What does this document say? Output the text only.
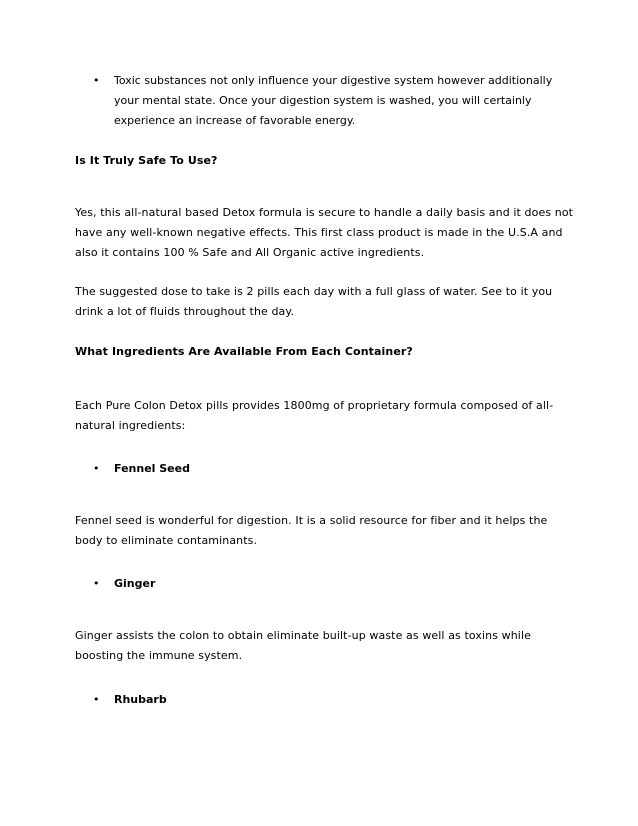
• Toxic substances not only influence your digestive system however additionally your mental state. Once your digestion system is washed, you will certainly experience an increase of favorable energy.

Is It Truly Safe To Use?

Yes, this all-natural based Detox formula is secure to handle a daily basis and it does not have any well-known negative effects. This first class product is made in the U.S.A and also it contains 100 % Safe and All Organic active ingredients.

The suggested dose to take is 2 pills each day with a full glass of water. See to it you drink a lot of fluids throughout the day.

What Ingredients Are Available From Each Container?

Each Pure Colon Detox pills provides 1800mg of proprietary formula composed of all-natural ingredients:

• Fennel Seed

Fennel seed is wonderful for digestion. It is a solid resource for fiber and it helps the body to eliminate contaminants.

• Ginger

Ginger assists the colon to obtain eliminate built-up waste as well as toxins while boosting the immune system.

• Rhubarb
